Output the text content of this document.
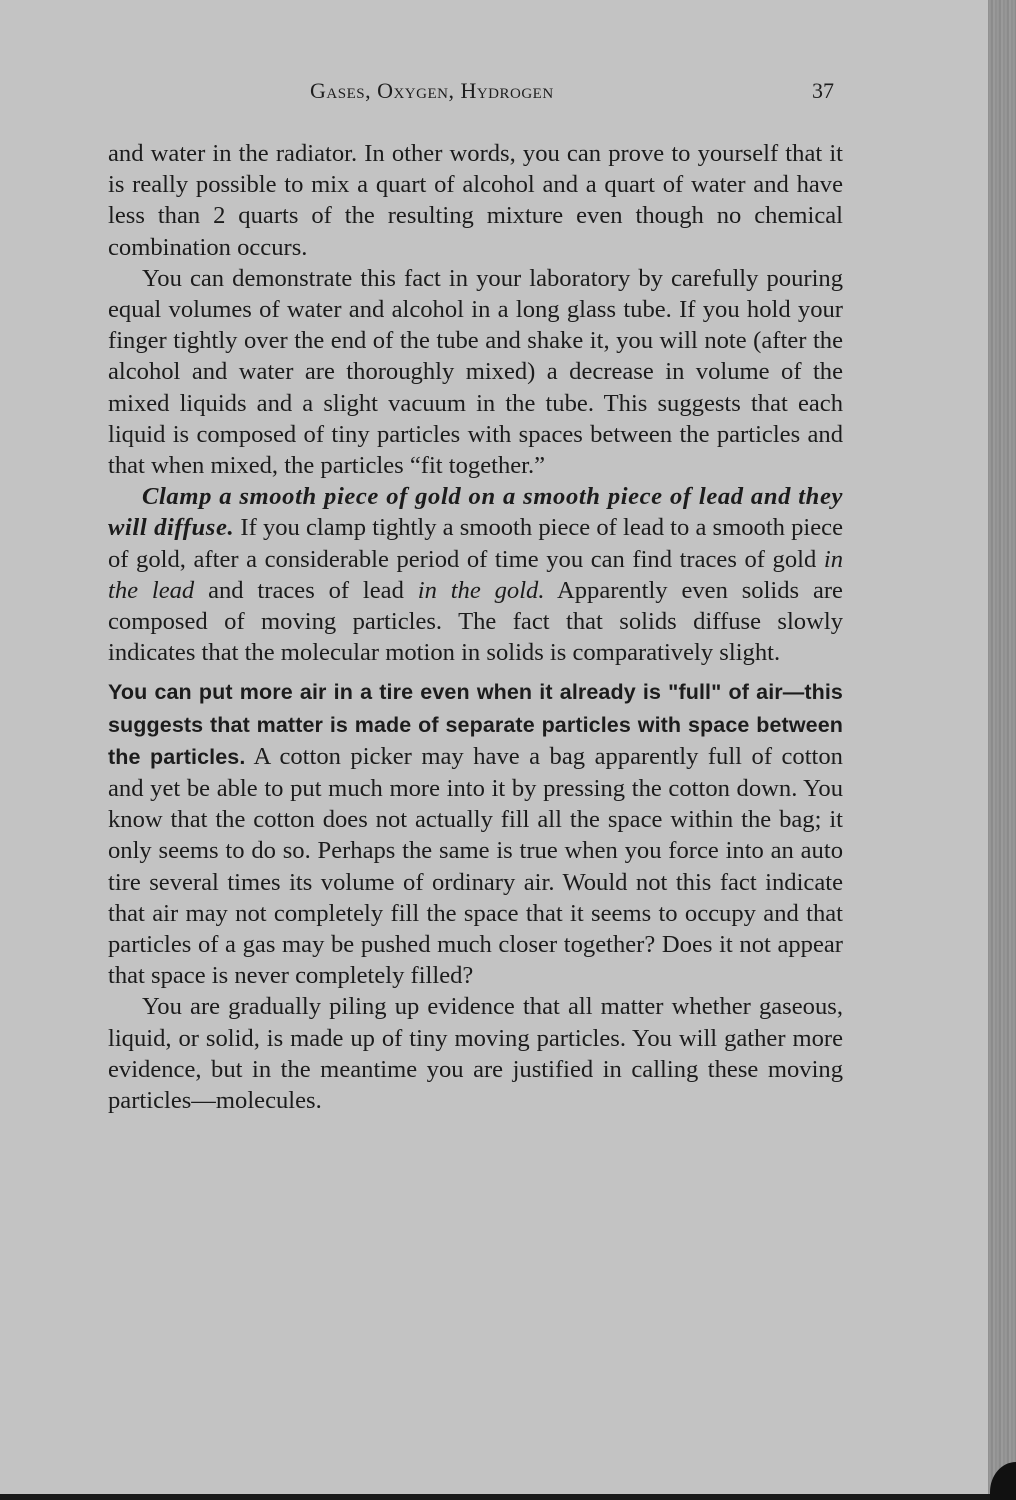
Gases, Oxygen, Hydrogen	37

and water in the radiator. In other words, you can prove to yourself that it is really possible to mix a quart of alcohol and a quart of water and have less than 2 quarts of the resulting mixture even though no chemical combination occurs.

You can demonstrate this fact in your laboratory by carefully pouring equal volumes of water and alcohol in a long glass tube. If you hold your finger tightly over the end of the tube and shake it, you will note (after the alcohol and water are thoroughly mixed) a decrease in volume of the mixed liquids and a slight vacuum in the tube. This suggests that each liquid is composed of tiny particles with spaces between the particles and that when mixed, the particles “fit together.”

Clamp a smooth piece of gold on a smooth piece of lead and they will diffuse. If you clamp tightly a smooth piece of lead to a smooth piece of gold, after a considerable period of time you can find traces of gold in the lead and traces of lead in the gold. Apparently even solids are composed of moving particles. The fact that solids diffuse slowly indicates that the molecular motion in solids is comparatively slight.

You can put more air in a tire even when it already is "full" of air—this suggests that matter is made of separate particles with space between the particles. A cotton picker may have a bag apparently full of cotton and yet be able to put much more into it by pressing the cotton down. You know that the cotton does not actually fill all the space within the bag; it only seems to do so. Perhaps the same is true when you force into an auto tire several times its volume of ordinary air. Would not this fact indicate that air may not completely fill the space that it seems to occupy and that particles of a gas may be pushed much closer together? Does it not appear that space is never completely filled?

You are gradually piling up evidence that all matter whether gaseous, liquid, or solid, is made up of tiny moving particles. You will gather more evidence, but in the meantime you are justified in calling these moving particles—molecules.
